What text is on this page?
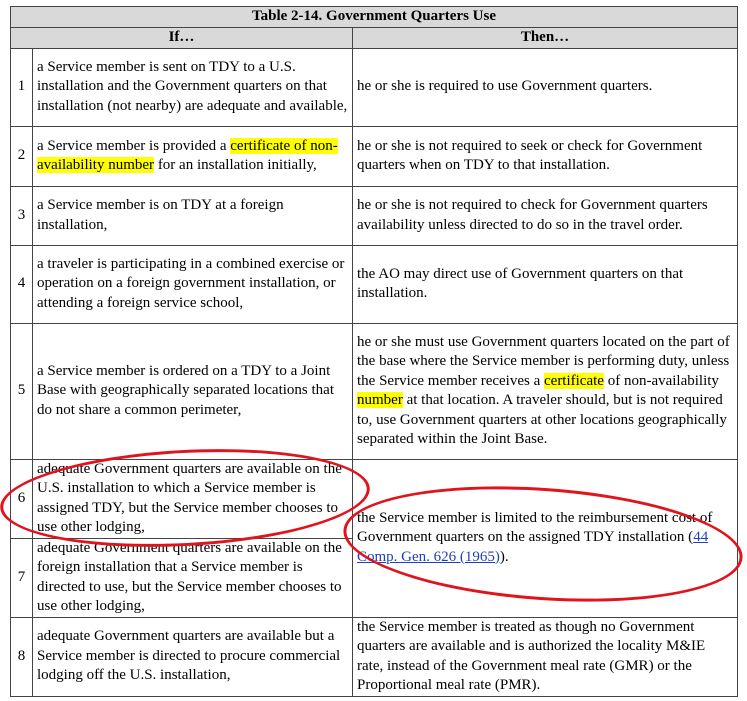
Table 2-14. Government Quarters Use		
If…		Then…
1	a Service member is sent on TDY to a U.S. installation and the Government quarters on that installation (not nearby) are adequate and available,	he or she is required to use Government quarters.
2	a Service member is provided a certificate of non-availability number for an installation initially,	he or she is not required to seek or check for Government quarters when on TDY to that installation.
3	a Service member is on TDY at a foreign installation,	he or she is not required to check for Government quarters availability unless directed to do so in the travel order.
4	a traveler is participating in a combined exercise or operation on a foreign government installation, or attending a foreign service school,	the AO may direct use of Government quarters on that installation.
5	a Service member is ordered on a TDY to a Joint Base with geographically separated locations that do not share a common perimeter,	he or she must use Government quarters located on the part of the base where the Service member is performing duty, unless the Service member receives a certificate of non-availability number at that location. A traveler should, but is not required to, use Government quarters at other locations geographically separated within the Joint Base.
6	adequate Government quarters are available on the U.S. installation to which a Service member is assigned TDY, but the Service member chooses to use other lodging,	the Service member is limited to the reimbursement cost of Government quarters on the assigned TDY installation (44 Comp. Gen. 626 (1965)).
7	adequate Government quarters are available on the foreign installation that a Service member is directed to use, but the Service member chooses to use other lodging,	
8	adequate Government quarters are available but a Service member is directed to procure commercial lodging off the U.S. installation,	the Service member is treated as though no Government quarters are available and is authorized the locality M&IE rate, instead of the Government meal rate (GMR) or the Proportional meal rate (PMR).
